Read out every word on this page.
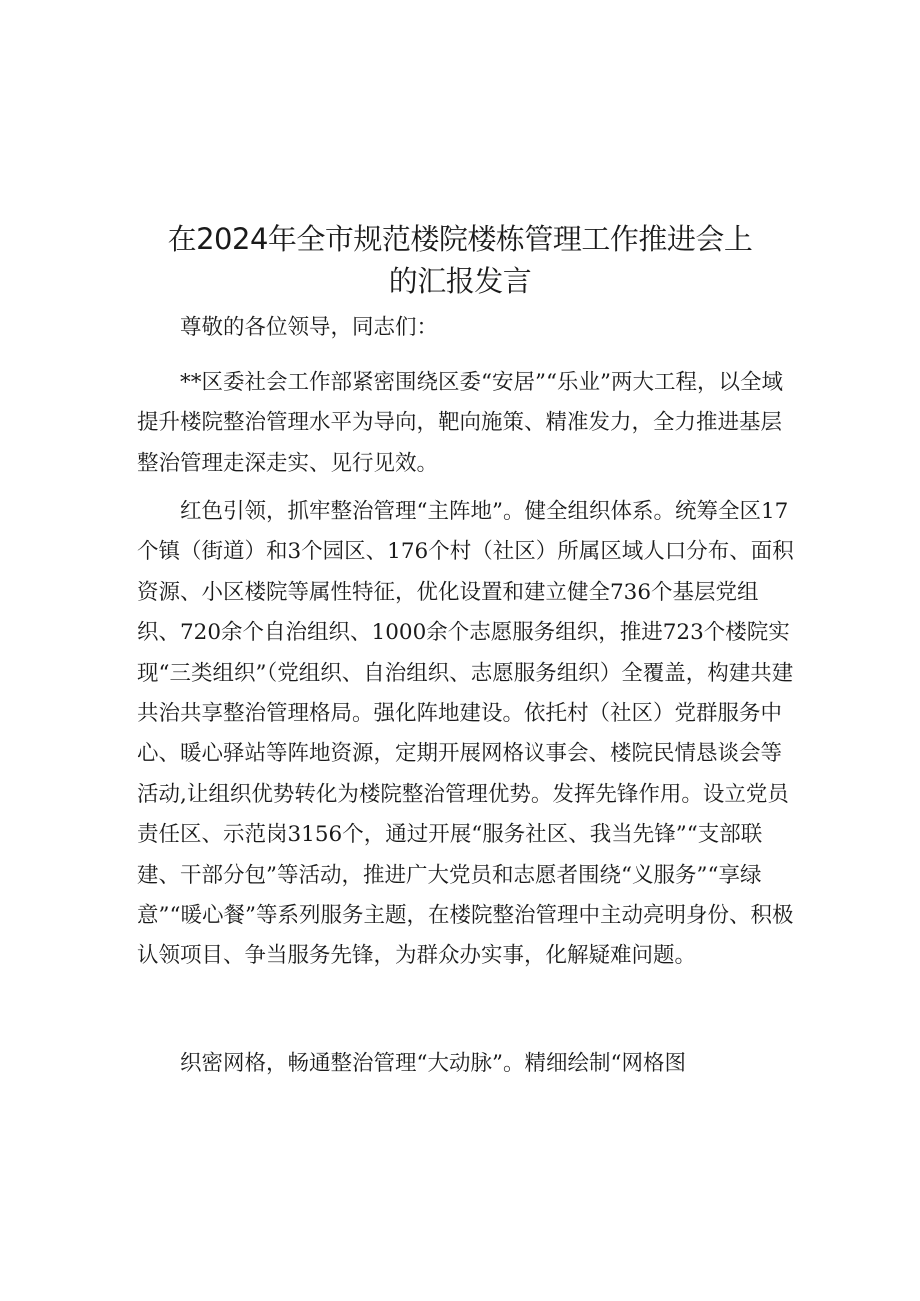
在2024年全市规范楼院楼栋管理工作推进会上
的汇报发言

尊敬的各位领导，同志们：

**区委社会工作部紧密围绕区委“安居”“乐业”两大工程，以全域提升楼院整治管理水平为导向，靶向施策、精准发力，全力推进基层整治管理走深走实、见行见效。

红色引领，抓牢整治管理“主阵地”。健全组织体系。统筹全区17个镇（街道）和3个园区、176个村（社区）所属区域人口分布、面积资源、小区楼院等属性特征，优化设置和建立健全736个基层党组织、720余个自治组织、1000余个志愿服务组织，推进723个楼院实现“三类组织”（党组织、自治组织、志愿服务组织）全覆盖，构建共建共治共享整治管理格局。强化阵地建设。依托村（社区）党群服务中心、暖心驿站等阵地资源，定期开展网格议事会、楼院民情恳谈会等活动,让组织优势转化为楼院整治管理优势。发挥先锋作用。设立党员责任区、示范岗3156个，通过开展“服务社区、我当先锋”“支部联建、干部分包”等活动，推进广大党员和志愿者围绕“义服务”“享绿意”“暖心餐”等系列服务主题，在楼院整治管理中主动亮明身份、积极认领项目、争当服务先锋，为群众办实事，化解疑难问题。

织密网格，畅通整治管理“大动脉”。精细绘制“网格图
